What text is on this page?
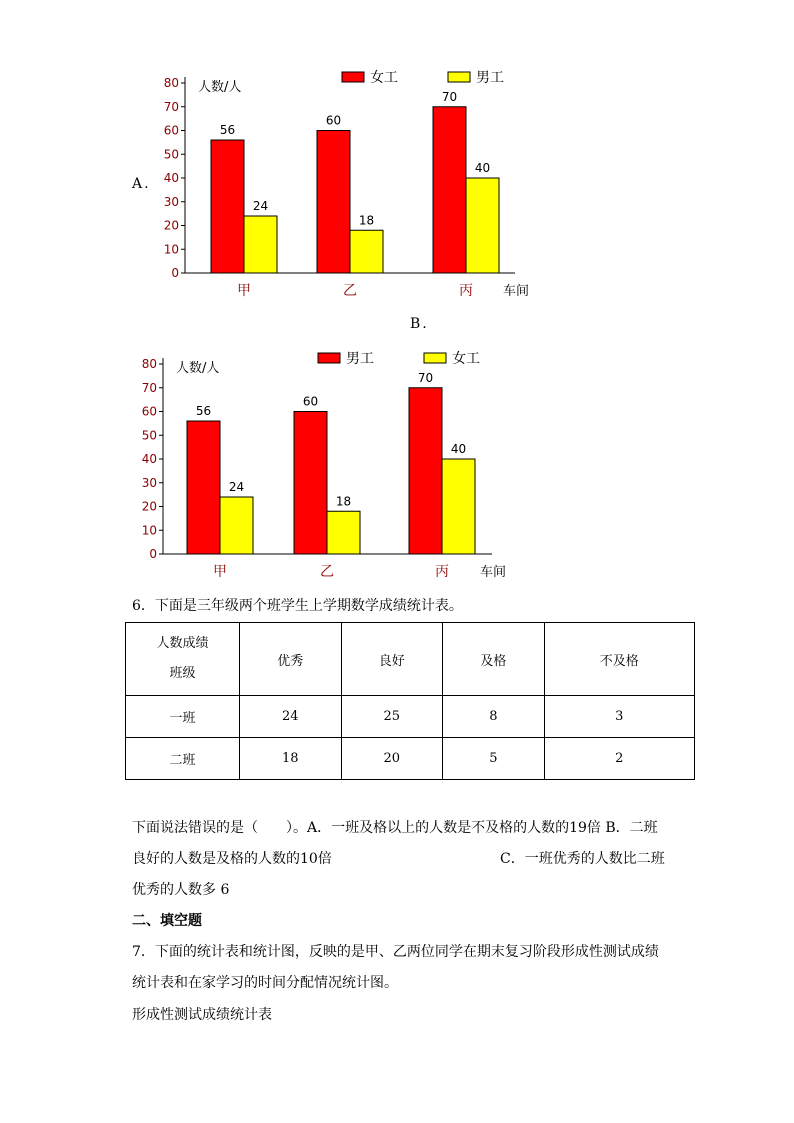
A.
B.
0
10
20
30
40
50
60
70
80 人数/人
56
24
甲
60
18
乙
70
40
丙 车间
女工	男工
0
10
20
30
40
50
60
70
80 人数/人
56
24
甲
60
18
乙
70
40
丙 车间
男工	女工
6．下面是三年级两个班学生上学期数学成绩统计表。
人数成绩
班级	优秀	良好	及格	不及格
一班	24	25	8	3
二班	18	20	5	2
下面说法错误的是（　　）。A．一班及格以上的人数是不及格的人数的19倍 B．二班
良好的人数是及格的人数的10倍	C．一班优秀的人数比二班
优秀的人数多 6
二、填空题
7．下面的统计表和统计图，反映的是甲、乙两位同学在期末复习阶段形成性测试成绩
统计表和在家学习的时间分配情况统计图。
形成性测试成绩统计表
